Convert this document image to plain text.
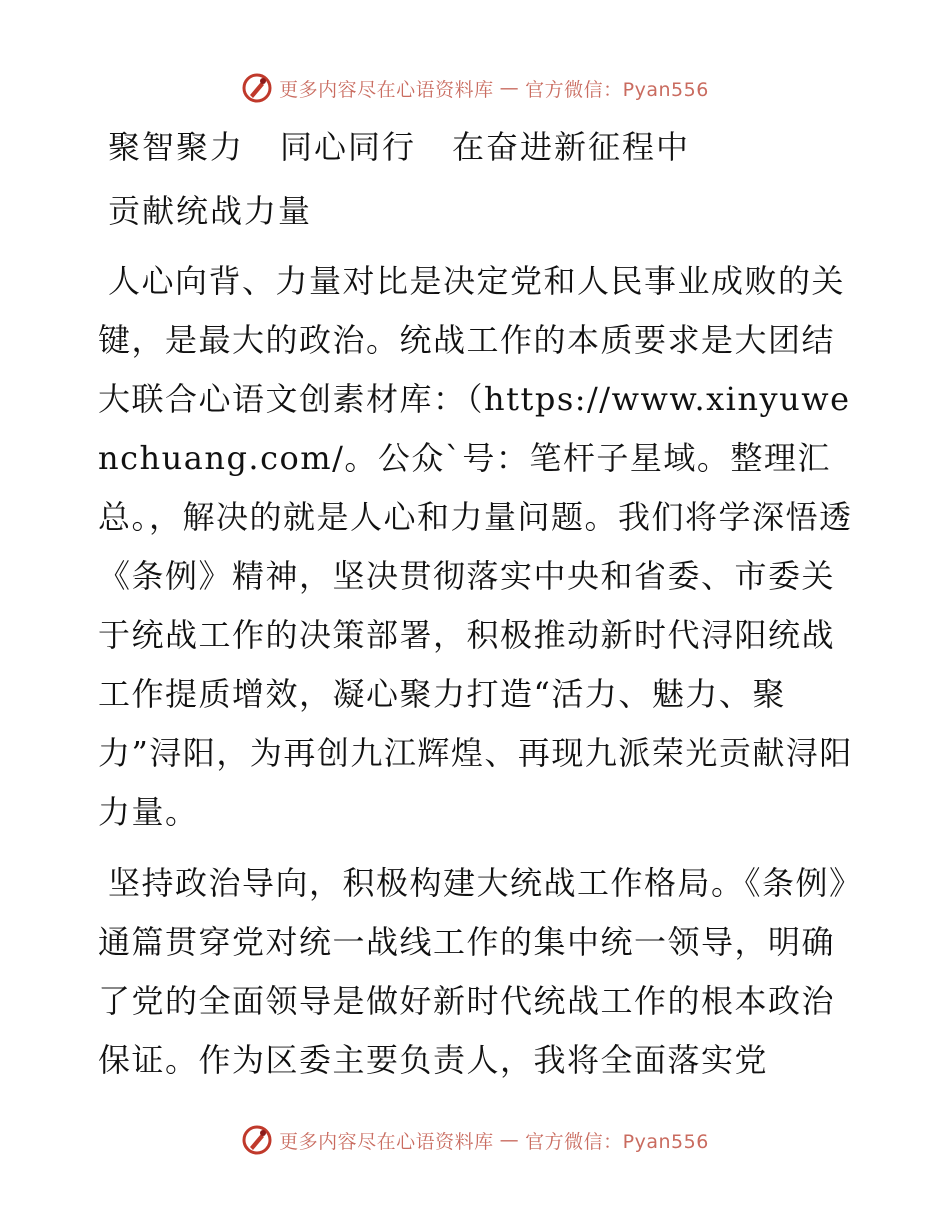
更多内容尽在心语资料库 — 官方微信：Pyan556
聚智聚力 同心同行 在奋进新征程中
贡献统战力量

人心向背、力量对比是决定党和人民事业成败的关键，是最大的政治。统战工作的本质要求是大团结大联合心语文创素材库：（https://www.xinyuwenchuang.com/。公众`号：笔杆子星域。整理汇总。，解决的就是人心和力量问题。我们将学深悟透《条例》精神，坚决贯彻落实中央和省委、市委关于统战工作的决策部署，积极推动新时代浔阳统战工作提质增效，凝心聚力打造“活力、魅力、聚力”浔阳，为再创九江辉煌、再现九派荣光贡献浔阳力量。

坚持政治导向，积极构建大统战工作格局。《条例》通篇贯穿党对统一战线工作的集中统一领导，明确了党的全面领导是做好新时代统战工作的根本政治保证。作为区委主要负责人，我将全面落实党

更多内容尽在心语资料库 — 官方微信：Pyan556
